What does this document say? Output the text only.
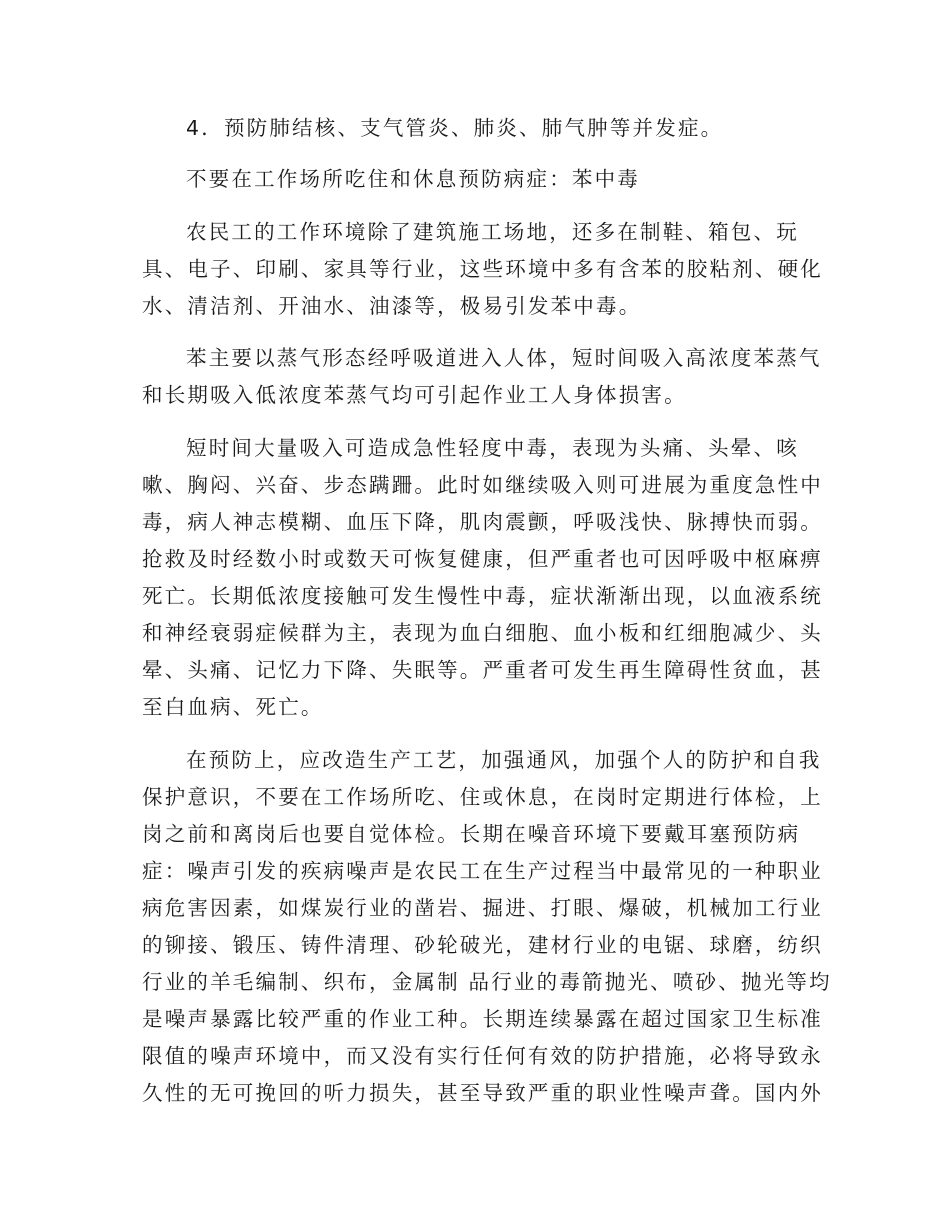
4．预防肺结核、支气管炎、肺炎、肺气肿等并发症。
不要在工作场所吃住和休息预防病症：苯中毒
农民工的工作环境除了建筑施工场地，还多在制鞋、箱包、玩
具、电子、印刷、家具等行业，这些环境中多有含苯的胶粘剂、硬化
水、清洁剂、开油水、油漆等，极易引发苯中毒。
苯主要以蒸气形态经呼吸道进入人体，短时间吸入高浓度苯蒸气
和长期吸入低浓度苯蒸气均可引起作业工人身体损害。
短时间大量吸入可造成急性轻度中毒，表现为头痛、头晕、咳
嗽、胸闷、兴奋、步态蹒跚。此时如继续吸入则可进展为重度急性中
毒，病人神志模糊、血压下降，肌肉震颤，呼吸浅快、脉搏快而弱。
抢救及时经数小时或数天可恢复健康，但严重者也可因呼吸中枢麻痹
死亡。长期低浓度接触可发生慢性中毒，症状渐渐出现，以血液系统
和神经衰弱症候群为主，表现为血白细胞、血小板和红细胞减少、头
晕、头痛、记忆力下降、失眠等。严重者可发生再生障碍性贫血，甚
至白血病、死亡。
在预防上，应改造生产工艺，加强通风，加强个人的防护和自我
保护意识，不要在工作场所吃、住或休息，在岗时定期进行体检，上
岗之前和离岗后也要自觉体检。长期在噪音环境下要戴耳塞预防病
症：噪声引发的疾病噪声是农民工在生产过程当中最常见的一种职业
病危害因素，如煤炭行业的凿岩、掘进、打眼、爆破，机械加工行业
的铆接、锻压、铸件清理、砂轮破光，建材行业的电锯、球磨，纺织
行业的羊毛编制、织布，金属制 品行业的毒箭抛光、喷砂、抛光等均
是噪声暴露比较严重的作业工种。长期连续暴露在超过国家卫生标准
限值的噪声环境中，而又没有实行任何有效的防护措施，必将导致永
久性的无可挽回的听力损失，甚至导致严重的职业性噪声聋。国内外
